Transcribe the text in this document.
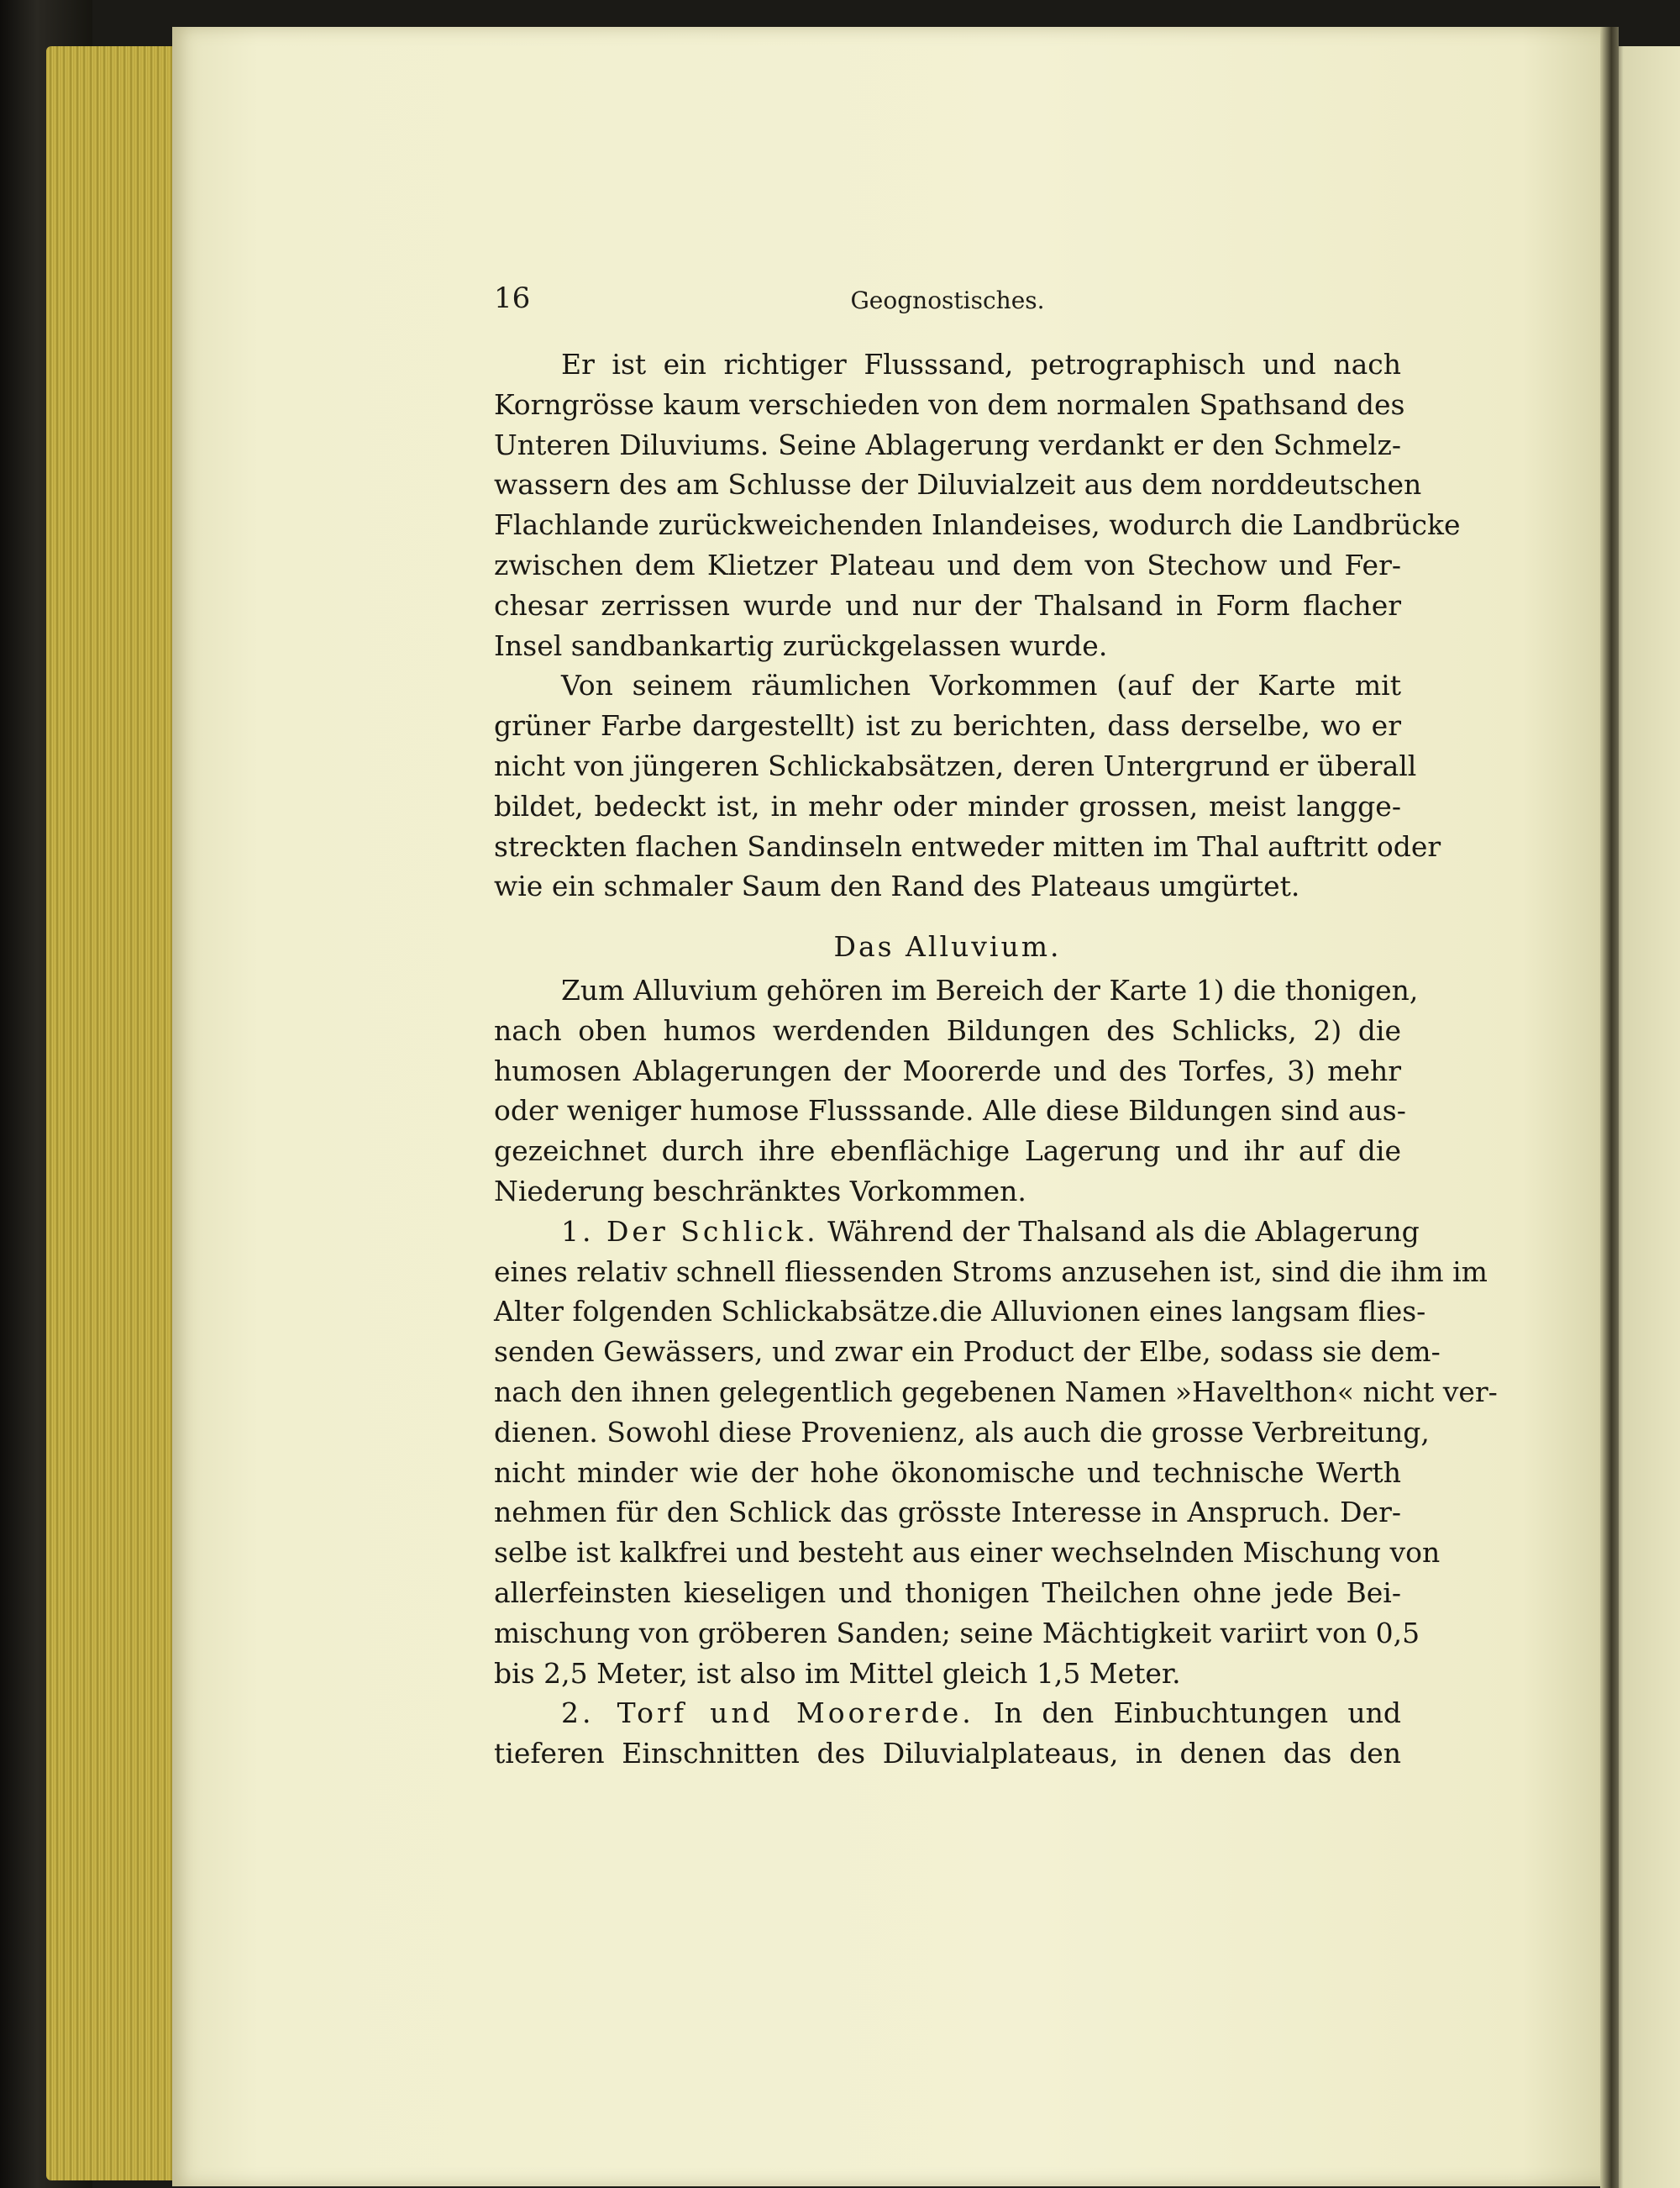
16	Geognostisches.
Er ist ein richtiger Flusssand, petrographisch und nach
Korngrösse kaum verschieden von dem normalen Spathsand des
Unteren Diluviums. Seine Ablagerung verdankt er den Schmelz-
wassern des am Schlusse der Diluvialzeit aus dem norddeutschen
Flachlande zurückweichenden Inlandeises, wodurch die Landbrücke
zwischen dem Klietzer Plateau und dem von Stechow und Fer-
chesar zerrissen wurde und nur der Thalsand in Form flacher
Insel sandbankartig zurückgelassen wurde.
Von seinem räumlichen Vorkommen (auf der Karte mit
grüner Farbe dargestellt) ist zu berichten, dass derselbe, wo er
nicht von jüngeren Schlickabsätzen, deren Untergrund er überall
bildet, bedeckt ist, in mehr oder minder grossen, meist langge-
streckten flachen Sandinseln entweder mitten im Thal auftritt oder
wie ein schmaler Saum den Rand des Plateaus umgürtet.
Das Alluvium.
Zum Alluvium gehören im Bereich der Karte 1) die thonigen,
nach oben humos werdenden Bildungen des Schlicks, 2) die
humosen Ablagerungen der Moorerde und des Torfes, 3) mehr
oder weniger humose Flusssande. Alle diese Bildungen sind aus-
gezeichnet durch ihre ebenflächige Lagerung und ihr auf die
Niederung beschränktes Vorkommen.
1. Der Schlick. Während der Thalsand als die Ablagerung
eines relativ schnell fliessenden Stroms anzusehen ist, sind die ihm im
Alter folgenden Schlickabsätze.die Alluvionen eines langsam flies-
senden Gewässers, und zwar ein Product der Elbe, sodass sie dem-
nach den ihnen gelegentlich gegebenen Namen »Havelthon« nicht ver-
dienen. Sowohl diese Provenienz, als auch die grosse Verbreitung,
nicht minder wie der hohe ökonomische und technische Werth
nehmen für den Schlick das grösste Interesse in Anspruch. Der-
selbe ist kalkfrei und besteht aus einer wechselnden Mischung von
allerfeinsten kieseligen und thonigen Theilchen ohne jede Bei-
mischung von gröberen Sanden; seine Mächtigkeit variirt von 0,5
bis 2,5 Meter, ist also im Mittel gleich 1,5 Meter.
2. Torf und Moorerde. In den Einbuchtungen und
tieferen Einschnitten des Diluvialplateaus, in denen das den
